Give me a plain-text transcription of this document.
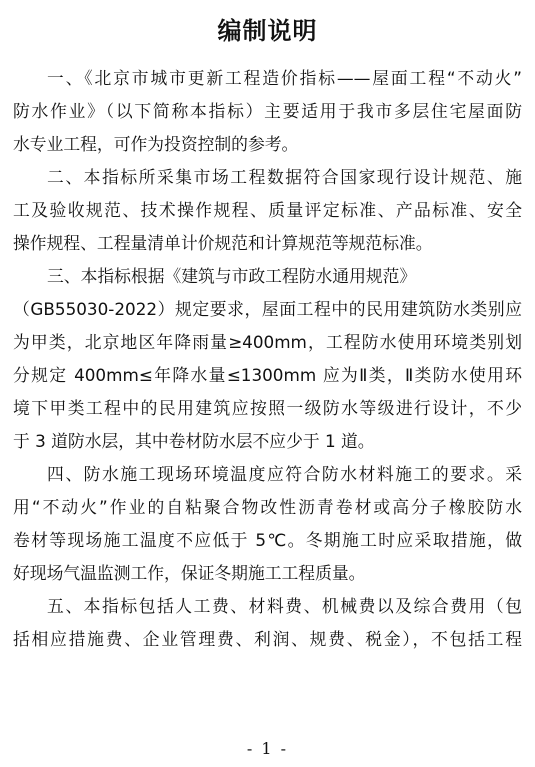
编制说明
一、《北京市城市更新工程造价指标——屋面工程“不动火”
防水作业》（以下简称本指标）主要适用于我市多层住宅屋面防
水专业工程，可作为投资控制的参考。
二、本指标所采集市场工程数据符合国家现行设计规范、施
工及验收规范、技术操作规程、质量评定标准、产品标准、安全
操作规程、工程量清单计价规范和计算规范等规范标准。
三、本指标根据《建筑与市政工程防水通用规范》
（GB55030-2022）规定要求，屋面工程中的民用建筑防水类别应
为甲类，北京地区年降雨量≥400mm，工程防水使用环境类别划
分规定 400mm≤年降水量≤1300mm 应为Ⅱ类，Ⅱ类防水使用环
境下甲类工程中的民用建筑应按照一级防水等级进行设计，不少
于 3 道防水层，其中卷材防水层不应少于 1 道。
四、防水施工现场环境温度应符合防水材料施工的要求。采
用“不动火”作业的自粘聚合物改性沥青卷材或高分子橡胶防水
卷材等现场施工温度不应低于 5℃。冬期施工时应采取措施，做
好现场气温监测工作，保证冬期施工工程质量。
五、本指标包括人工费、材料费、机械费以及综合费用（包
括相应措施费、企业管理费、利润、规费、税金），不包括工程
- 1 -
